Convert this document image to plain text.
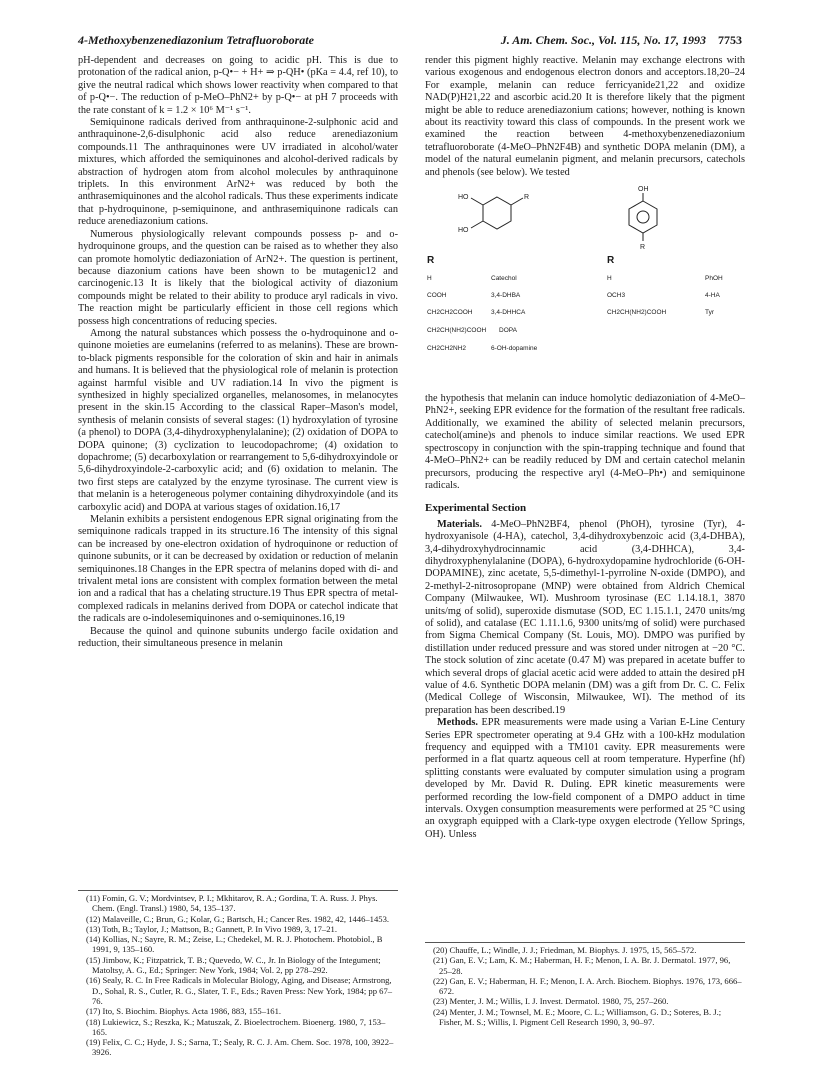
4-Methoxybenzenediazonium Tetrafluoroborate	J. Am. Chem. Soc., Vol. 115, No. 17, 1993 7753

pH-dependent and decreases on going to acidic pH. This is due to protonation of the radical anion, p-Q•− + H+ ⇒ p-QH• (pKa = 4.4, ref 10), to give the neutral radical which shows lower reactivity when compared to that of p-Q•−. The reduction of p-MeO–PhN2+ by p-Q•− at pH 7 proceeds with the rate constant of k = 1.2 × 10⁶ M⁻¹ s⁻¹.

Semiquinone radicals derived from anthraquinone-2-sulphonic acid and anthraquinone-2,6-disulphonic acid also reduce arenediazonium compounds.11 The anthraquinones were UV irradiated in alcohol/water mixtures, which afforded the semiquinones and alcohol-derived radicals by abstraction of hydrogen atom from alcohol molecules by anthraquinone triplets. In this environment ArN2+ was reduced by both the anthrasemiquinones and the alcohol radicals. Thus these experiments indicate that p-hydroquinone, p-semiquinone, and anthrasemiquinone radicals can reduce arenediazonium cations.

Numerous physiologically relevant compounds possess p- and o-hydroquinone groups, and the question can be raised as to whether they also can promote homolytic dediazoniation of ArN2+. The question is pertinent, because diazonium cations have been shown to be mutagenic12 and carcinogenic.13 It is likely that the biological activity of diazonium compounds might be related to their ability to produce aryl radicals in vivo. The reaction might be particularly efficient in those cell regions which possess high concentrations of reducing species.

Among the natural substances which possess the o-hydroquinone and o-quinone moieties are eumelanins (referred to as melanins). These are brown-to-black pigments responsible for the coloration of skin and hair in animals and humans. It is believed that the physiological role of melanin is protection against harmful visible and UV radiation.14 In vivo the pigment is synthesized in highly specialized organelles, melanosomes, in melanocytes present in the skin.15 According to the classical Raper–Mason's model, synthesis of melanin consists of several stages: (1) hydroxylation of tyrosine (a phenol) to DOPA (3,4-dihydroxyphenylalanine); (2) oxidation of DOPA to DOPA quinone; (3) cyclization to leucodopachrome; (4) oxidation to dopachrome; (5) decarboxylation or rearrangement to 5,6-dihydroxyindole or 5,6-dihydroxyindole-2-carboxylic acid; and (6) oxidation to melanin. The two first steps are catalyzed by the enzyme tyrosinase. The current view is that melanin is a heterogeneous polymer containing dihydroxyindole (and its carboxylic acid) and DOPA at various stages of oxidation.16,17

Melanin exhibits a persistent endogenous EPR signal originating from the semiquinone radicals trapped in its structure.16 The intensity of this signal can be increased by one-electron oxidation of hydroquinone or reduction of quinone subunits, or it can be decreased by oxidation or reduction of melanin semiquinones.18 Changes in the EPR spectra of melanins doped with di- and trivalent metal ions are consistent with complex formation between the metal ion and a radical that has a chelating structure.19 Thus EPR spectra of metal-complexed radicals in melanins derived from DOPA or catechol indicate that the radicals are o-indolesemiquinones and o-semiquinones.16,19

Because the quinol and quinone subunits undergo facile oxidation and reduction, their simultaneous presence in melanin

(11) Fomin, G. V.; Mordvintsev, P. I.; Mkhitarov, R. A.; Gordina, T. A. Russ. J. Phys. Chem. (Engl. Transl.) 1980, 54, 135–137.
(12) Malaveille, C.; Brun, G.; Kolar, G.; Bartsch, H.; Cancer Res. 1982, 42, 1446–1453.
(13) Toth, B.; Taylor, J.; Mattson, B.; Gannett, P. In Vivo 1989, 3, 17–21.
(14) Kollias, N.; Sayre, R. M.; Zeise, L.; Chedekel, M. R. J. Photochem. Photobiol., B 1991, 9, 135–160.
(15) Jimbow, K.; Fitzpatrick, T. B.; Quevedo, W. C., Jr. In Biology of the Integument; Matoltsy, A. G., Ed.; Springer: New York, 1984; Vol. 2, pp 278–292.
(16) Sealy, R. C. In Free Radicals in Molecular Biology, Aging, and Disease; Armstrong, D., Sohal, R. S., Cutler, R. G., Slater, T. F., Eds.; Raven Press: New York, 1984; pp 67–76.
(17) Ito, S. Biochim. Biophys. Acta 1986, 883, 155–161.
(18) Lukiewicz, S.; Reszka, K.; Matuszak, Z. Bioelectrochem. Bioenerg. 1980, 7, 153–165.
(19) Felix, C. C.; Hyde, J. S.; Sarna, T.; Sealy, R. C. J. Am. Chem. Soc. 1978, 100, 3922–3926.

render this pigment highly reactive. Melanin may exchange electrons with various exogenous and endogenous electron donors and acceptors.18,20–24 For example, melanin can reduce ferricyanide21,22 and oxidize NAD(P)H21,22 and ascorbic acid.20 It is therefore likely that the pigment might be able to reduce arenediazonium cations; however, nothing is known about its reactivity toward this class of compounds. In the present work we examined the reaction between 4-methoxybenzenediazonium tetrafluoroborate (4-MeO–PhN2F4B) and synthetic DOPA melanin (DM), a model of the natural eumelanin pigment, and melanin precursors, catechols and phenols (see below). We tested

HO
HO
R
OH
R
R
H	Catechol
COOH	3,4-DHBA
CH2CH2COOH	3,4-DHHCA
CH2CH(NH2)COOH DOPA
CH2CH2NH2	6-OH-dopamine
R
H	PhOH
OCH3	4-HA
CH2CH(NH2)COOH	Tyr

the hypothesis that melanin can induce homolytic dediazoniation of 4-MeO–PhN2+, seeking EPR evidence for the formation of the resultant free radicals. Additionally, we examined the ability of selected melanin precursors, catechol(amine)s and phenols to induce similar reactions. We used EPR spectroscopy in conjunction with the spin-trapping technique and found that 4-MeO–PhN2+ can be readily reduced by DM and certain catechol melanin precursors, producing the respective aryl (4-MeO–Ph•) and semiquinone radicals.

Experimental Section

Materials. 4-MeO–PhN2BF4, phenol (PhOH), tyrosine (Tyr), 4-hydroxyanisole (4-HA), catechol, 3,4-dihydroxybenzoic acid (3,4-DHBA), 3,4-dihydroxyhydrocinnamic acid (3,4-DHHCA), 3,4-dihydroxyphenylalanine (DOPA), 6-hydroxydopamine hydrochloride (6-OH-DOPAMINE), zinc acetate, 5,5-dimethyl-1-pyrroline N-oxide (DMPO), and 2-methyl-2-nitrosopropane (MNP) were obtained from Aldrich Chemical Company (Milwaukee, WI). Mushroom tyrosinase (EC 1.14.18.1, 3870 units/mg of solid), superoxide dismutase (SOD, EC 1.15.1.1, 2470 units/mg of solid), and catalase (EC 1.11.1.6, 9300 units/mg of solid) were purchased from Sigma Chemical Company (St. Louis, MO). DMPO was purified by distillation under reduced pressure and was stored under nitrogen at −20 °C. The stock solution of zinc acetate (0.47 M) was prepared in acetate buffer to which several drops of glacial acetic acid were added to attain the desired pH value of 4.6. Synthetic DOPA melanin (DM) was a gift from Dr. C. C. Felix (Medical College of Wisconsin, Milwaukee, WI). The method of its preparation has been described.19

Methods. EPR measurements were made using a Varian E-Line Century Series EPR spectrometer operating at 9.4 GHz with a 100-kHz modulation frequency and equipped with a TM101 cavity. EPR measurements were performed in a flat quartz aqueous cell at room temperature. Hyperfine (hf) splitting constants were evaluated by computer simulation using a program developed by Mr. David R. Duling. EPR kinetic measurements were performed recording the low-field component of a DMPO adduct in time intervals. Oxygen consumption measurements were performed at 25 °C using an oxygraph equipped with a Clark-type oxygen electrode (Yellow Springs, OH). Unless

(20) Chauffe, L.; Windle, J. J.; Friedman, M. Biophys. J. 1975, 15, 565–572.
(21) Gan, E. V.; Lam, K. M.; Haberman, H. F.; Menon, I. A. Br. J. Dermatol. 1977, 96, 25–28.
(22) Gan, E. V.; Haberman, H. F.; Menon, I. A. Arch. Biochem. Biophys. 1976, 173, 666–672.
(23) Menter, J. M.; Willis, I. J. Invest. Dermatol. 1980, 75, 257–260.
(24) Menter, J. M.; Townsel, M. E.; Moore, C. L.; Williamson, G. D.; Soteres, B. J.; Fisher, M. S.; Willis, I. Pigment Cell Research 1990, 3, 90–97.
